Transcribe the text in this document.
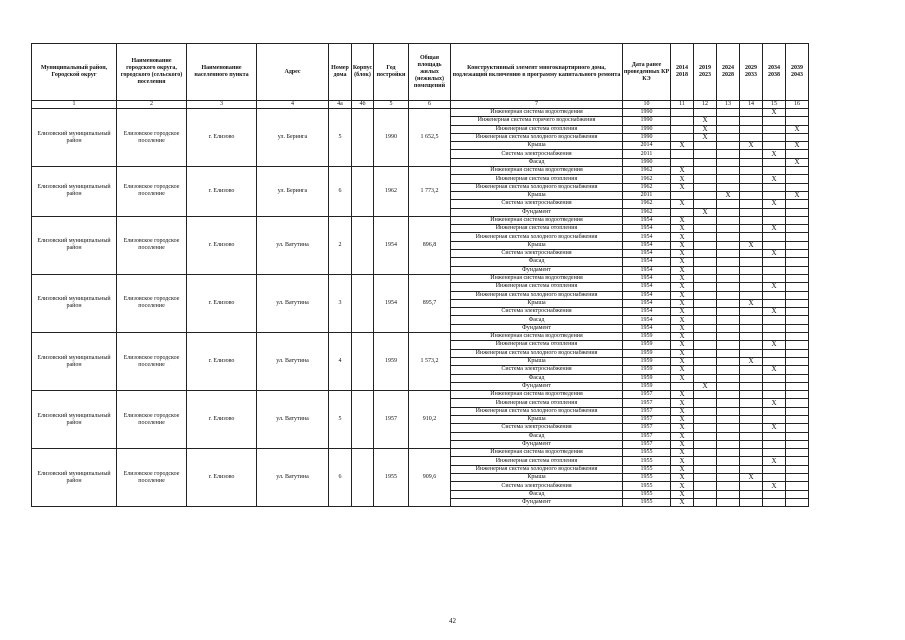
Муниципальный район, Городской округ	Наименование городского округа, городского (сельского) поселения	Наименование населенного пункта	Адрес	Номер дома	Корпус (блок)	Год постройки	Общая площадь жилых (нежилых) помещений	Конструктивный элемент многоквартирного дома, подлежащий включению в программу капитального ремонта	Дата ранее проведенных КР КЭ	2014 2018	2019 2023	2024 2028	2029 2033	2034 2038	2039 2043
1	2	3	4	4а	4б	5	6	7	10	11	12	13	14	15	16
Елизовский муниципальный район	Елизовское городское поселение	г. Елизово	ул. Беринга	5		1990	1 652,5	Инженерная система водоотведения	1990					X	
								Инженерная система горячего водоснабжения	1990		X				
								Инженерная система отопления	1990		X				X
								Инженерная система холодного водоснабжения	1990		X				
								Крыша	2014	X			X		X
								Система электроснабжения	2011					X	
								Фасад	1990						X
Елизовский муниципальный район	Елизовское городское поселение	г. Елизово	ул. Беринга	6		1962	1 773,2	Инженерная система водоотведения	1962	X					
								Инженерная система отопления	1962	X				X	
								Инженерная система холодного водоснабжения	1962	X					
								Крыша	2011			X			X
								Система электроснабжения	1962	X				X	
								Фундамент	1962		X				
Елизовский муниципальный район	Елизовское городское поселение	г. Елизово	ул. Ватутина	2		1954	896,8	Инженерная система водоотведения	1954	X					
								Инженерная система отопления	1954	X				X	
								Инженерная система холодного водоснабжения	1954	X					
								Крыша	1954	X			X		
								Система электроснабжения	1954	X				X	
								Фасад	1954	X					
								Фундамент	1954	X					
Елизовский муниципальный район	Елизовское городское поселение	г. Елизово	ул. Ватутина	3		1954	895,7	Инженерная система водоотведения	1954	X					
								Инженерная система отопления	1954	X				X	
								Инженерная система холодного водоснабжения	1954	X					
								Крыша	1954	X			X		
								Система электроснабжения	1954	X				X	
								Фасад	1954	X					
								Фундамент	1954	X					
Елизовский муниципальный район	Елизовское городское поселение	г. Елизово	ул. Ватутина	4		1959	1 573,2	Инженерная система водоотведения	1959	X					
								Инженерная система отопления	1959	X				X	
								Инженерная система холодного водоснабжения	1959	X					
								Крыша	1959	X			X		
								Система электроснабжения	1959	X				X	
								Фасад	1959	X					
								Фундамент	1959		X				
Елизовский муниципальный район	Елизовское городское поселение	г. Елизово	ул. Ватутина	5		1957	910,2	Инженерная система водоотведения	1957	X					
								Инженерная система отопления	1957	X				X	
								Инженерная система холодного водоснабжения	1957	X					
								Крыша	1957	X					
								Система электроснабжения	1957	X				X	
								Фасад	1957	X					
								Фундамент	1957	X					
Елизовский муниципальный район	Елизовское городское поселение	г. Елизово	ул. Ватутина	6		1955	909,6	Инженерная система водоотведения	1955	X					
								Инженерная система отопления	1955	X				X	
								Инженерная система холодного водоснабжения	1955	X					
								Крыша	1955	X			X		
								Система электроснабжения	1955	X				X	
								Фасад	1955	X					
								Фундамент	1955	X					
42
